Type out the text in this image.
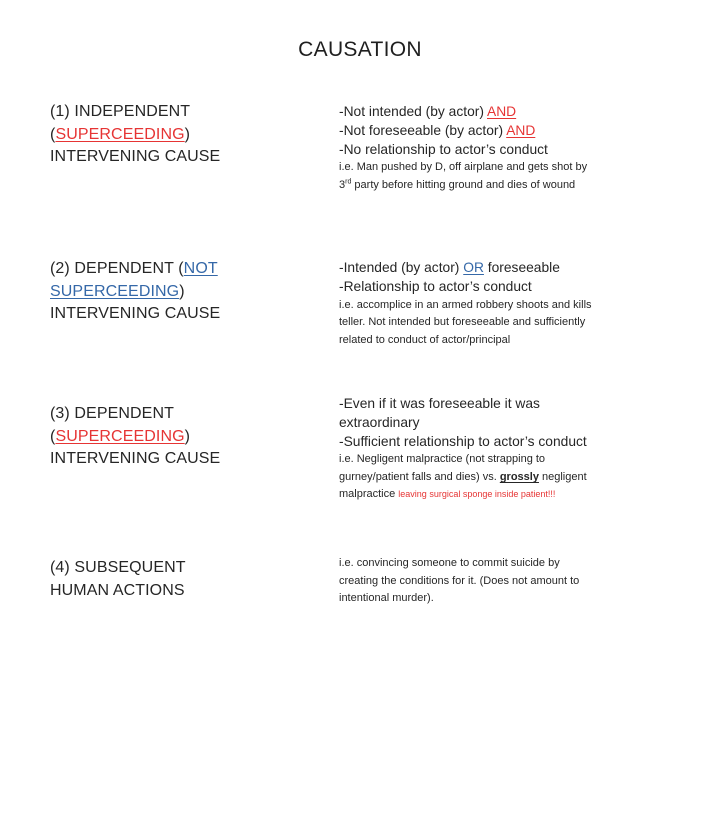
CAUSATION
(1) INDEPENDENT
(SUPERCEEDING)
INTERVENING CAUSE
-Not intended (by actor) AND
-Not foreseeable (by actor) AND
-No relationship to actor’s conduct
i.e. Man pushed by D, off airplane and gets shot by
3rd party before hitting ground and dies of wound
(2) DEPENDENT (NOT
SUPERCEEDING)
INTERVENING CAUSE
-Intended (by actor) OR foreseeable
-Relationship to actor’s conduct
i.e. accomplice in an armed robbery shoots and kills
teller. Not intended but foreseeable and sufficiently
related to conduct of actor/principal
(3) DEPENDENT
(SUPERCEEDING)
INTERVENING CAUSE
-Even if it was foreseeable it was
extraordinary
-Sufficient relationship to actor’s conduct
i.e. Negligent malpractice (not strapping to
gurney/patient falls and dies) vs. grossly negligent
malpractice leaving surgical sponge inside patient!!!
(4) SUBSEQUENT
HUMAN ACTIONS
i.e. convincing someone to commit suicide by
creating the conditions for it. (Does not amount to
intentional murder).
